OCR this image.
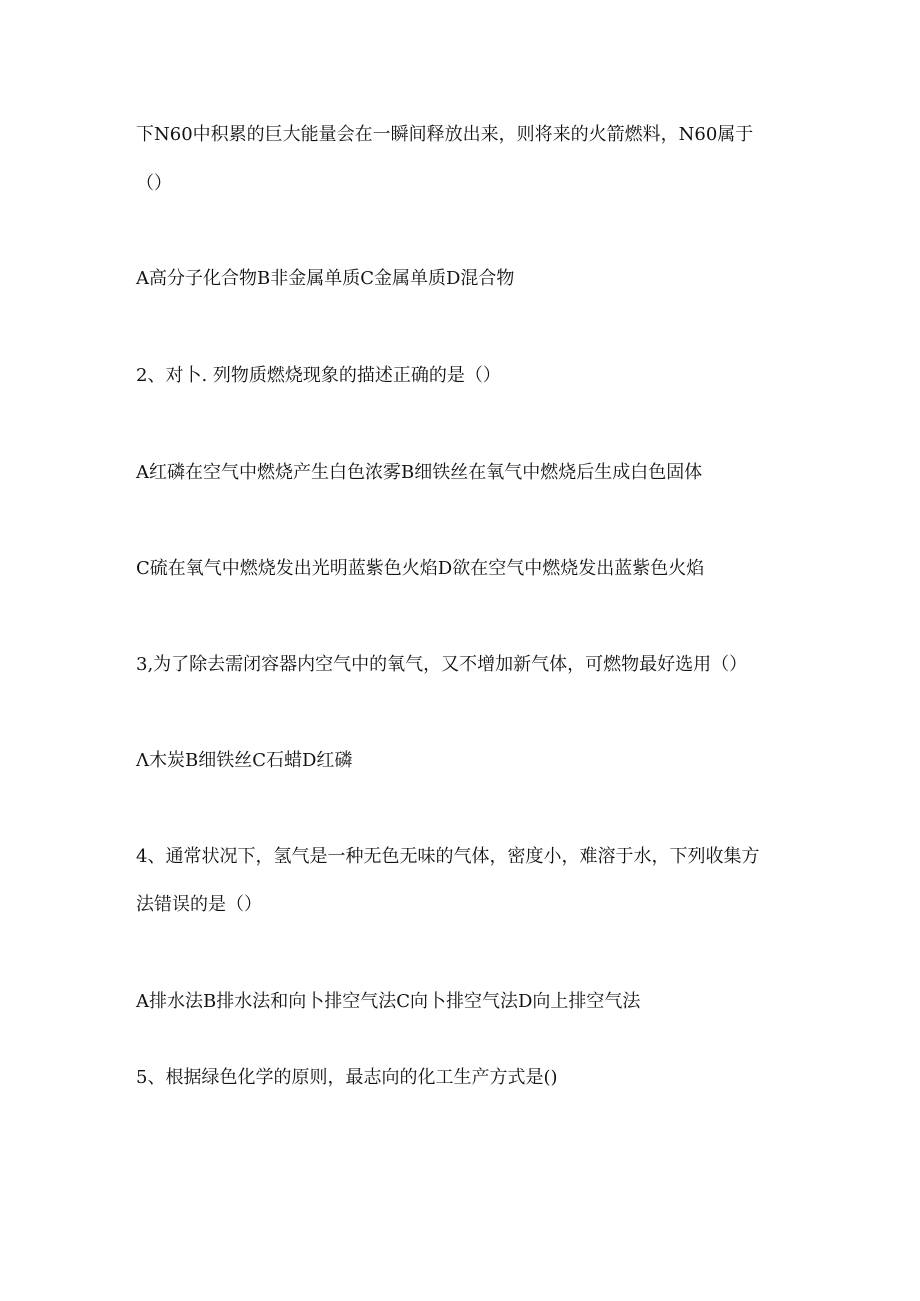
下N60中积累的巨大能量会在一瞬间释放出来，则将来的火箭燃料，N60属于
（）
A高分子化合物B非金属单质C金属单质D混合物
2、对卜. 列物质燃烧现象的描述正确的是（）
A红磷在空气中燃烧产生白色浓雾B细铁丝在氧气中燃烧后生成白色固体
C硫在氧气中燃烧发出光明蓝紫色火焰D欲在空气中燃烧发出蓝紫色火焰
3,为了除去需闭容器内空气中的氧气，又不增加新气体，可燃物最好选用（）
Λ木炭B细铁丝C石蜡D红磷
4、通常状况下，氢气是一种无色无味的气体，密度小，难溶于水，下列收集方
法错误的是（）
A排水法B排水法和向卜排空气法C向卜排空气法D向上排空气法
5、根据绿色化学的原则，最志向的化工生产方式是()
